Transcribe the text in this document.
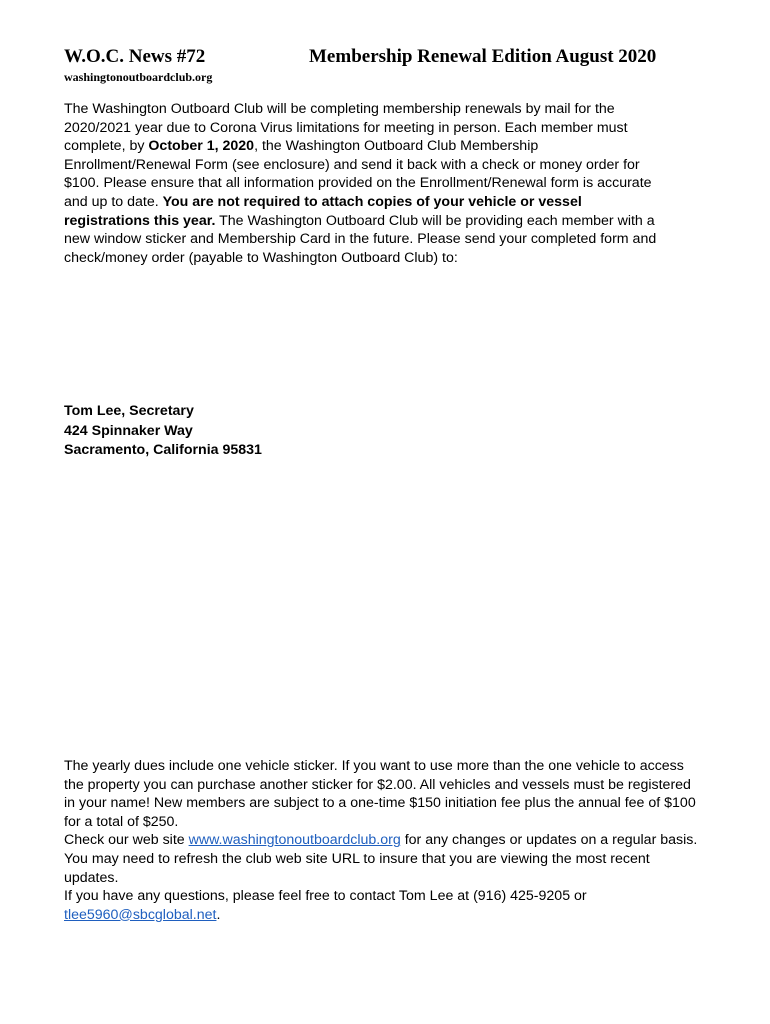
W.O.C. News #72	Membership Renewal Edition August 2020
washingtonoutboardclub.org
The Washington Outboard Club will be completing membership renewals by mail for the
2020/2021 year due to Corona Virus limitations for meeting in person. Each member must
complete, by October 1, 2020, the Washington Outboard Club Membership
Enrollment/Renewal Form (see enclosure) and send it back with a check or money order for
$100. Please ensure that all information provided on the Enrollment/Renewal form is accurate
and up to date. You are not required to attach copies of your vehicle or vessel
registrations this year. The Washington Outboard Club will be providing each member with a
new window sticker and Membership Card in the future. Please send your completed form and
check/money order (payable to Washington Outboard Club) to:
Tom Lee, Secretary
424 Spinnaker Way
Sacramento, California 95831
The yearly dues include one vehicle sticker. If you want to use more than the one vehicle to access
the property you can purchase another sticker for $2.00. All vehicles and vessels must be registered
in your name! New members are subject to a one-time $150 initiation fee plus the annual fee of $100
for a total of $250.
Check our web site www.washingtonoutboardclub.org for any changes or updates on a regular basis.
You may need to refresh the club web site URL to insure that you are viewing the most recent
updates.
If you have any questions, please feel free to contact Tom Lee at (916) 425-9205 or
tlee5960@sbcglobal.net.
